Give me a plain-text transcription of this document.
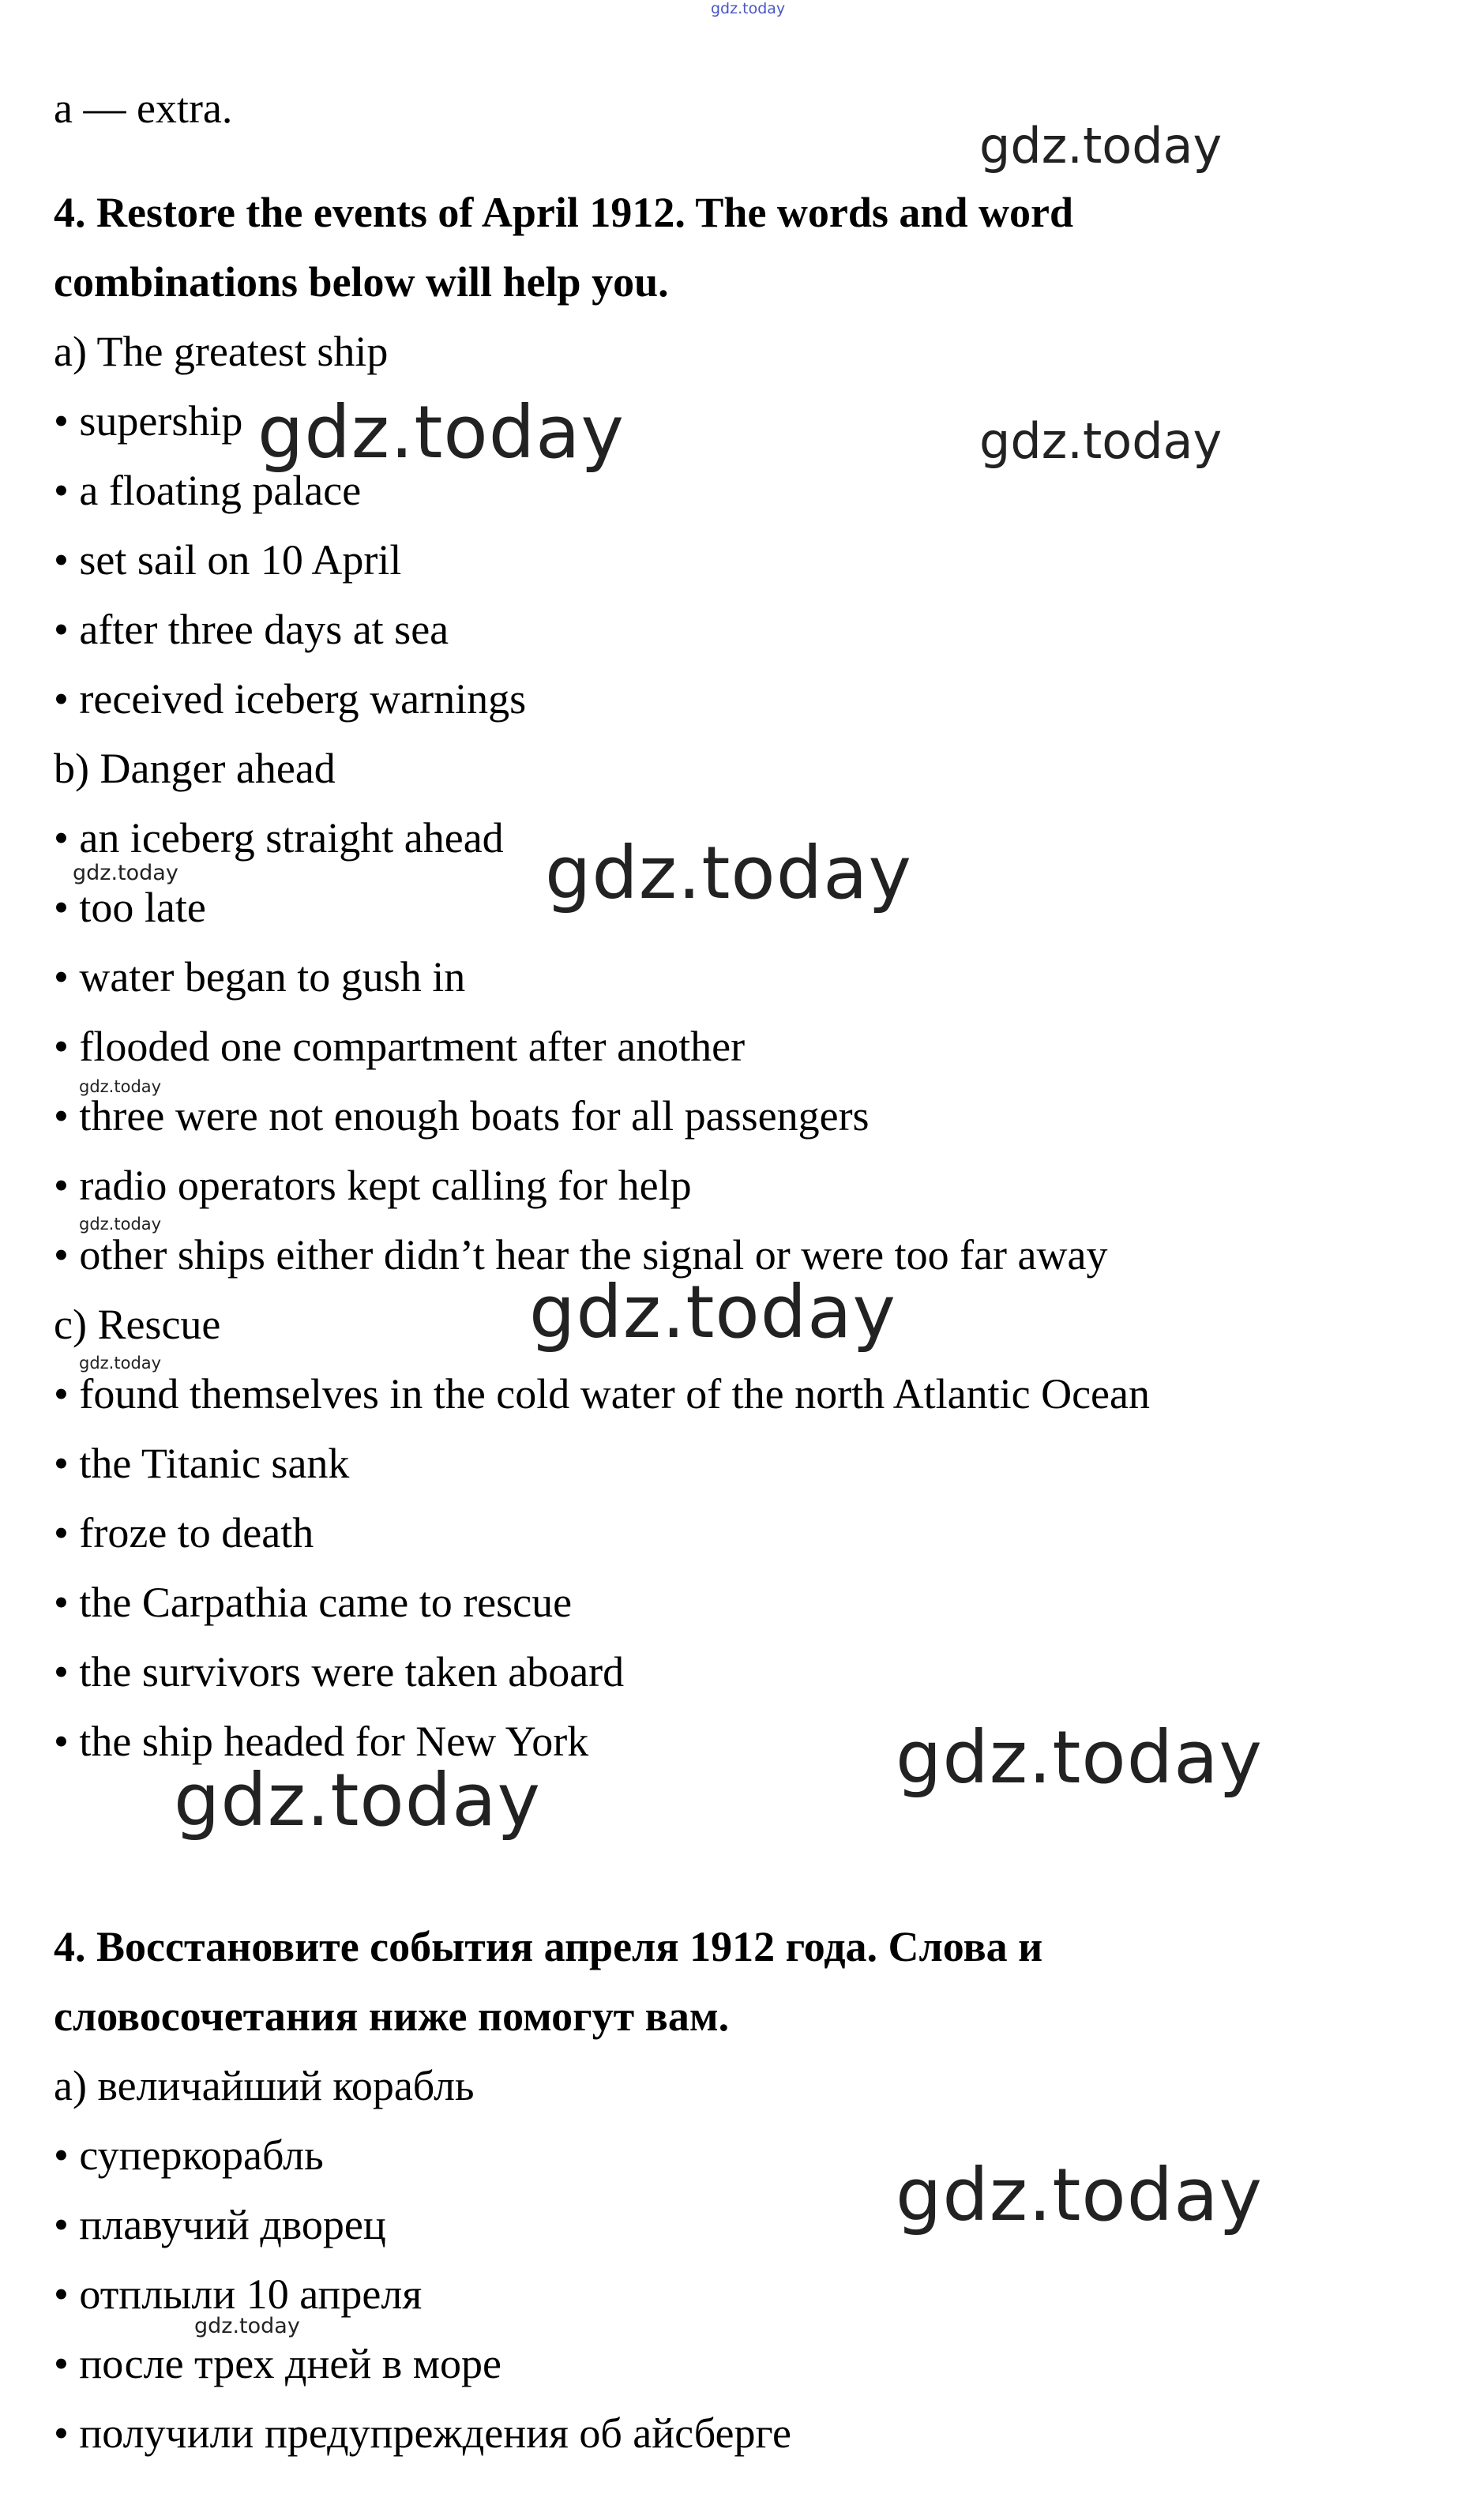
gdz.today
gdz.today
gdz.today	gdz.today
gdz.today
gdz.today
gdz.today
gdz.today
gdz.today
gdz.today
gdz.today
gdz.today
gdz.today
gdz.today
a — extra.
4. Restore the events of April 1912. The words and word
combinations below will help you.
a) The greatest ship
• supership
• a floating palace
• set sail on 10 April
• after three days at sea
• received iceberg warnings
b) Danger ahead
• an iceberg straight ahead
• too late
• water began to gush in
• flooded one compartment after another
• three were not enough boats for all passengers
• radio operators kept calling for help
• other ships either didn’t hear the signal or were too far away
c) Rescue
• found themselves in the cold water of the north Atlantic Ocean
• the Titanic sank
• froze to death
• the Carpathia came to rescue
• the survivors were taken aboard
• the ship headed for New York
4. Восстановите события апреля 1912 года. Слова и
словосочетания ниже помогут вам.
а) величайший корабль
• суперкорабль
• плавучий дворец
• отплыли 10 апреля
• после трех дней в море
• получили предупреждения об айсберге
